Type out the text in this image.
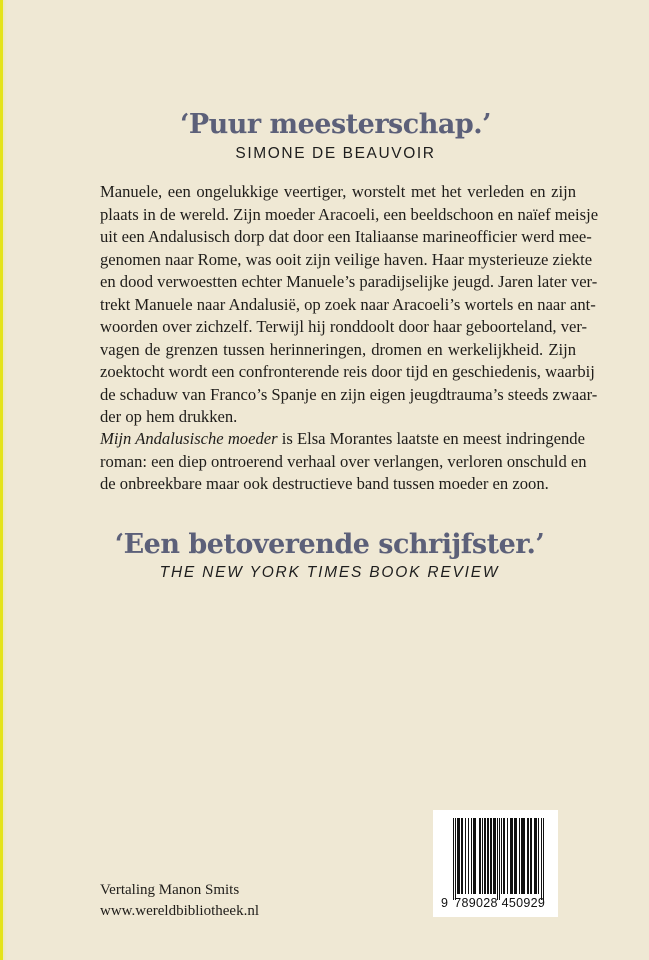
‘Puur meesterschap.’
SIMONE DE BEAUVOIR
Manuele, een ongelukkige veertiger, worstelt met het verleden en zijn
plaats in de wereld. Zijn moeder Aracoeli, een beeldschoon en naïef meisje
uit een Andalusisch dorp dat door een Italiaanse marineofficier werd mee-
genomen naar Rome, was ooit zijn veilige haven. Haar mysterieuze ziekte
en dood verwoestten echter Manuele’s paradijselijke jeugd. Jaren later ver-
trekt Manuele naar Andalusië, op zoek naar Aracoeli’s wortels en naar ant-
woorden over zichzelf. Terwijl hij ronddoolt door haar geboorteland, ver-
vagen de grenzen tussen herinneringen, dromen en werkelijkheid. Zijn
zoektocht wordt een confronterende reis door tijd en geschiedenis, waarbij
de schaduw van Franco’s Spanje en zijn eigen jeugdtrauma’s steeds zwaar-
der op hem drukken.
Mijn Andalusische moeder is Elsa Morantes laatste en meest indringende
roman: een diep ontroerend verhaal over verlangen, verloren onschuld en
de onbreekbare maar ook destructieve band tussen moeder en zoon.
‘Een betoverende schrijfster.’
THE NEW YORK TIMES BOOK REVIEW
Vertaling Manon Smits
www.wereldbibliotheek.nl	9 789028 450929
